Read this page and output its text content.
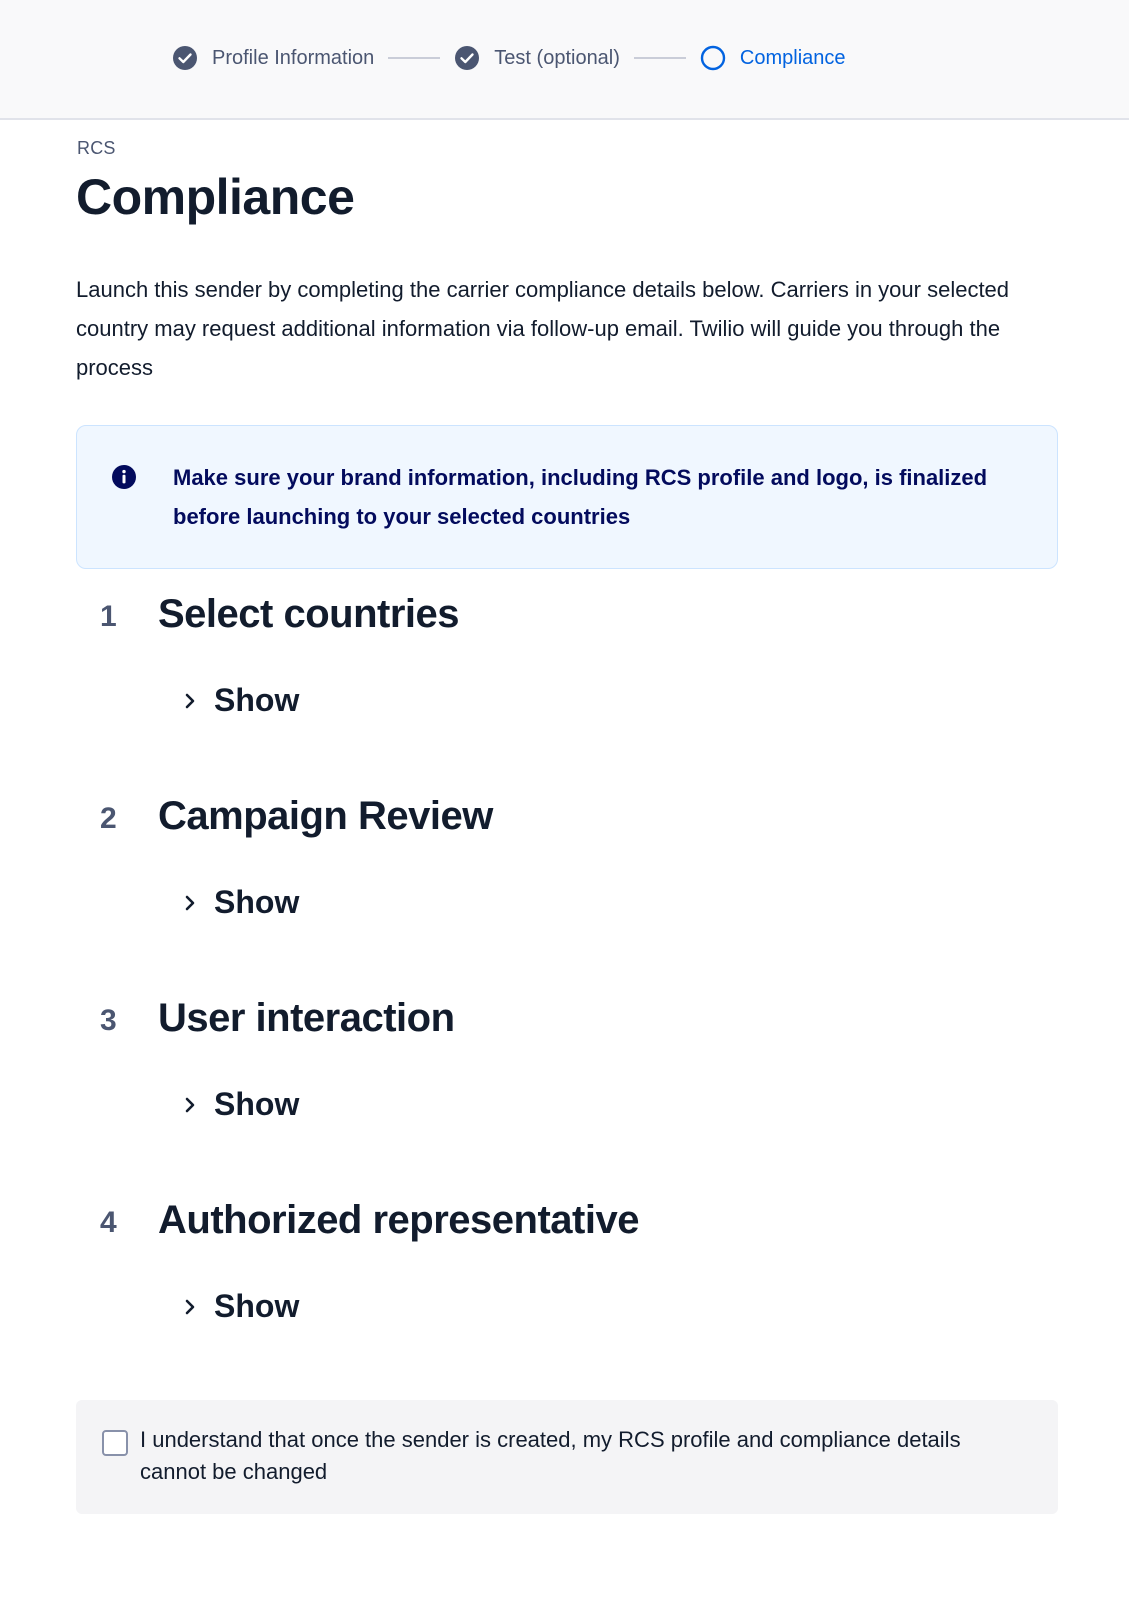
Profile Information	Test (optional)	Compliance
RCS
Compliance

Launch this sender by completing the carrier compliance details below. Carriers in your selected country may request additional information via follow-up email. Twilio will guide you through the process

Make sure your brand information, including RCS profile and logo, is finalized before launching to your selected countries
1 Select countries
Show
2 Campaign Review
Show
3 User interaction
Show
4 Authorized representative
Show
I understand that once the sender is created, my RCS profile and compliance details cannot be changed
